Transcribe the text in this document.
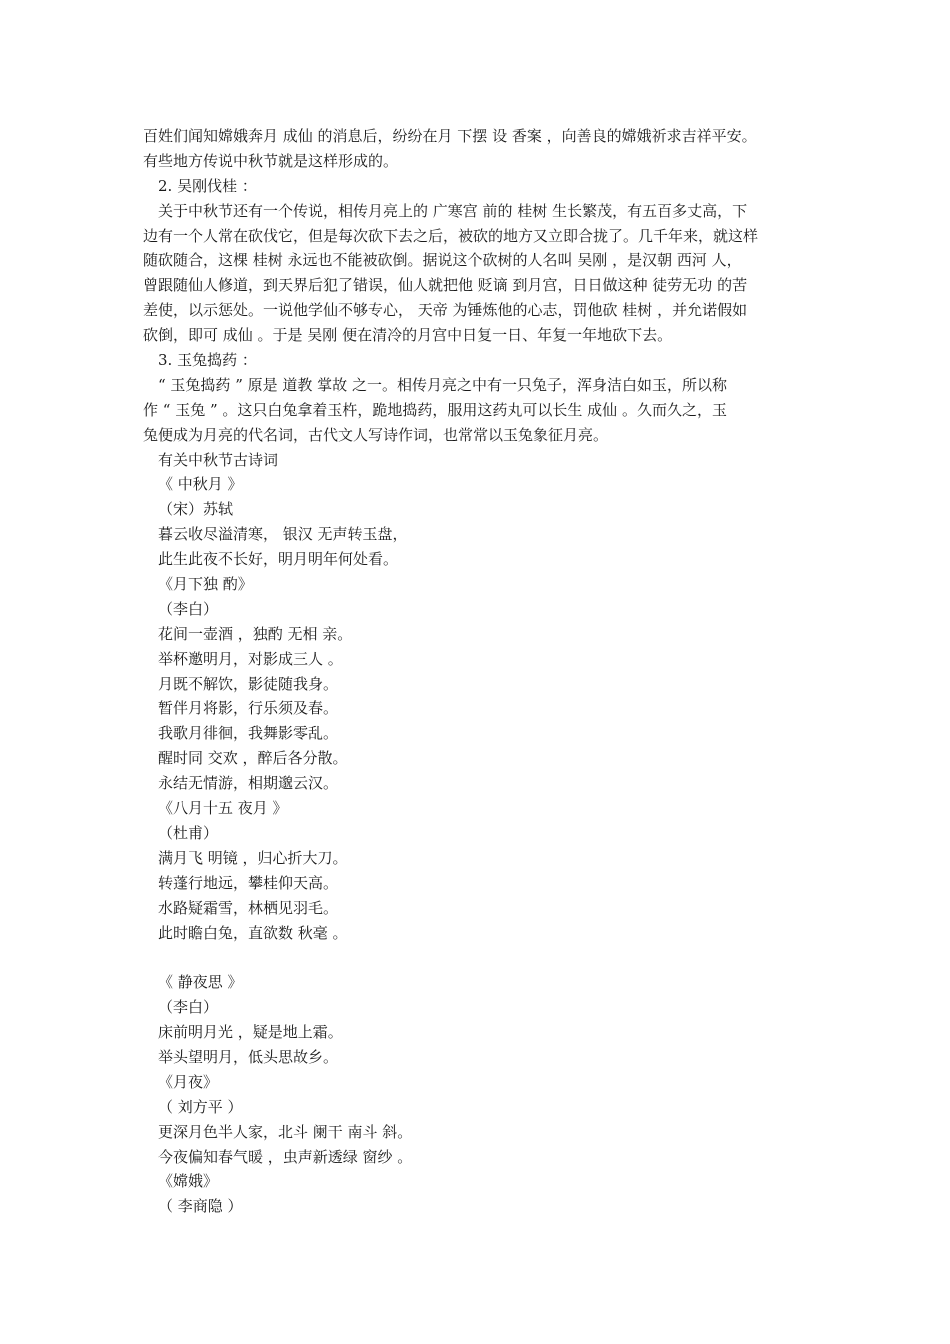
百姓们闻知嫦娥奔月 成仙 的消息后，纷纷在月 下摆 设 香案 ，向善良的嫦娥祈求吉祥平安。
有些地方传说中秋节就是这样形成的。
2. 吴刚伐桂 ：
关于中秋节还有一个传说，相传月亮上的 广寒宫 前的 桂树 生长繁茂，有五百多丈高，下
边有一个人常在砍伐它，但是每次砍下去之后，被砍的地方又立即合拢了。几千年来，就这样
随砍随合，这棵 桂树 永远也不能被砍倒。据说这个砍树的人名叫 吴刚 ，是汉朝 西河 人，
曾跟随仙人修道，到天界后犯了错误，仙人就把他 贬谪 到月宫，日日做这种 徒劳无功 的苦
差使，以示惩处。一说他学仙不够专心， 天帝 为锤炼他的心志，罚他砍 桂树 ，并允诺假如
砍倒，即可 成仙 。于是 吴刚 便在清冷的月宫中日复一日、年复一年地砍下去。
3. 玉兔捣药 ：
“ 玉兔捣药 ” 原是 道教 掌故 之一。相传月亮之中有一只兔子，浑身洁白如玉，所以称
作 “ 玉兔 ” 。这只白兔拿着玉杵，跪地捣药，服用这药丸可以长生 成仙 。久而久之，玉
兔便成为月亮的代名词，古代文人写诗作词，也常常以玉兔象征月亮。
有关中秋节古诗词
《 中秋月 》
（宋）苏轼
暮云收尽溢清寒， 银汉 无声转玉盘，
此生此夜不长好，明月明年何处看。
《月下独 酌》
（李白）
花间一壶酒 ，独酌 无相 亲。
举杯邀明月，对影成三人 。
月既不解饮，影徒随我身。
暂伴月将影，行乐须及春。
我歌月徘徊，我舞影零乱。
醒时同 交欢 ，醉后各分散。
永结无情游，相期邈云汉。
《八月十五 夜月 》
（杜甫）
满月飞 明镜 ，归心折大刀。
转蓬行地远，攀桂仰天高。
水路疑霜雪，林栖见羽毛。
此时瞻白兔，直欲数 秋毫 。
《 静夜思 》
（李白）
床前明月光 ，疑是地上霜。
举头望明月，低头思故乡。
《月夜》
（ 刘方平 ）
更深月色半人家，北斗 阑干 南斗 斜。
今夜偏知春气暖 ，虫声新透绿 窗纱 。
《嫦娥》
（ 李商隐 ）
